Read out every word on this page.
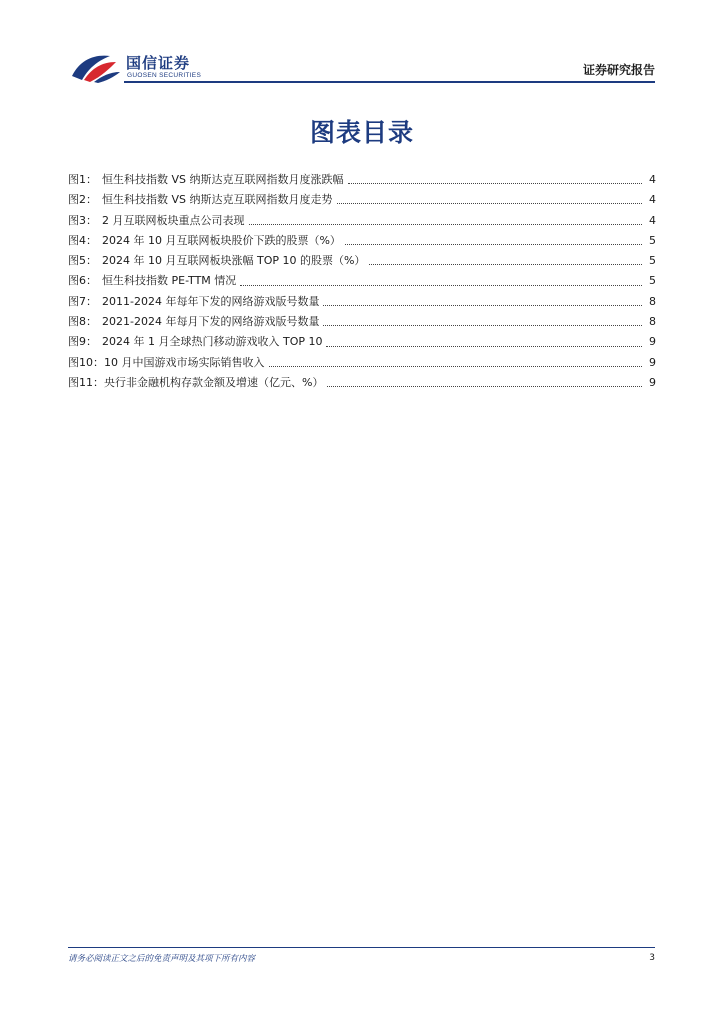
国信证券
GUOSEN SECURITIES	证券研究报告
图表目录
图1： 恒生科技指数 VS 纳斯达克互联网指数月度涨跌幅	4
图2： 恒生科技指数 VS 纳斯达克互联网指数月度走势	4
图3： 2 月互联网板块重点公司表现	4
图4： 2024 年 10 月互联网板块股价下跌的股票（%）	5
图5： 2024 年 10 月互联网板块涨幅 TOP 10 的股票（%）	5
图6： 恒生科技指数 PE-TTM 情况	5
图7： 2011-2024 年每年下发的网络游戏版号数量	8
图8： 2021-2024 年每月下发的网络游戏版号数量	8
图9： 2024 年 1 月全球热门移动游戏收入 TOP 10	9
图10：10 月中国游戏市场实际销售收入	9
图11：央行非金融机构存款金额及增速（亿元、%）	9
请务必阅读正文之后的免责声明及其项下所有内容	3
